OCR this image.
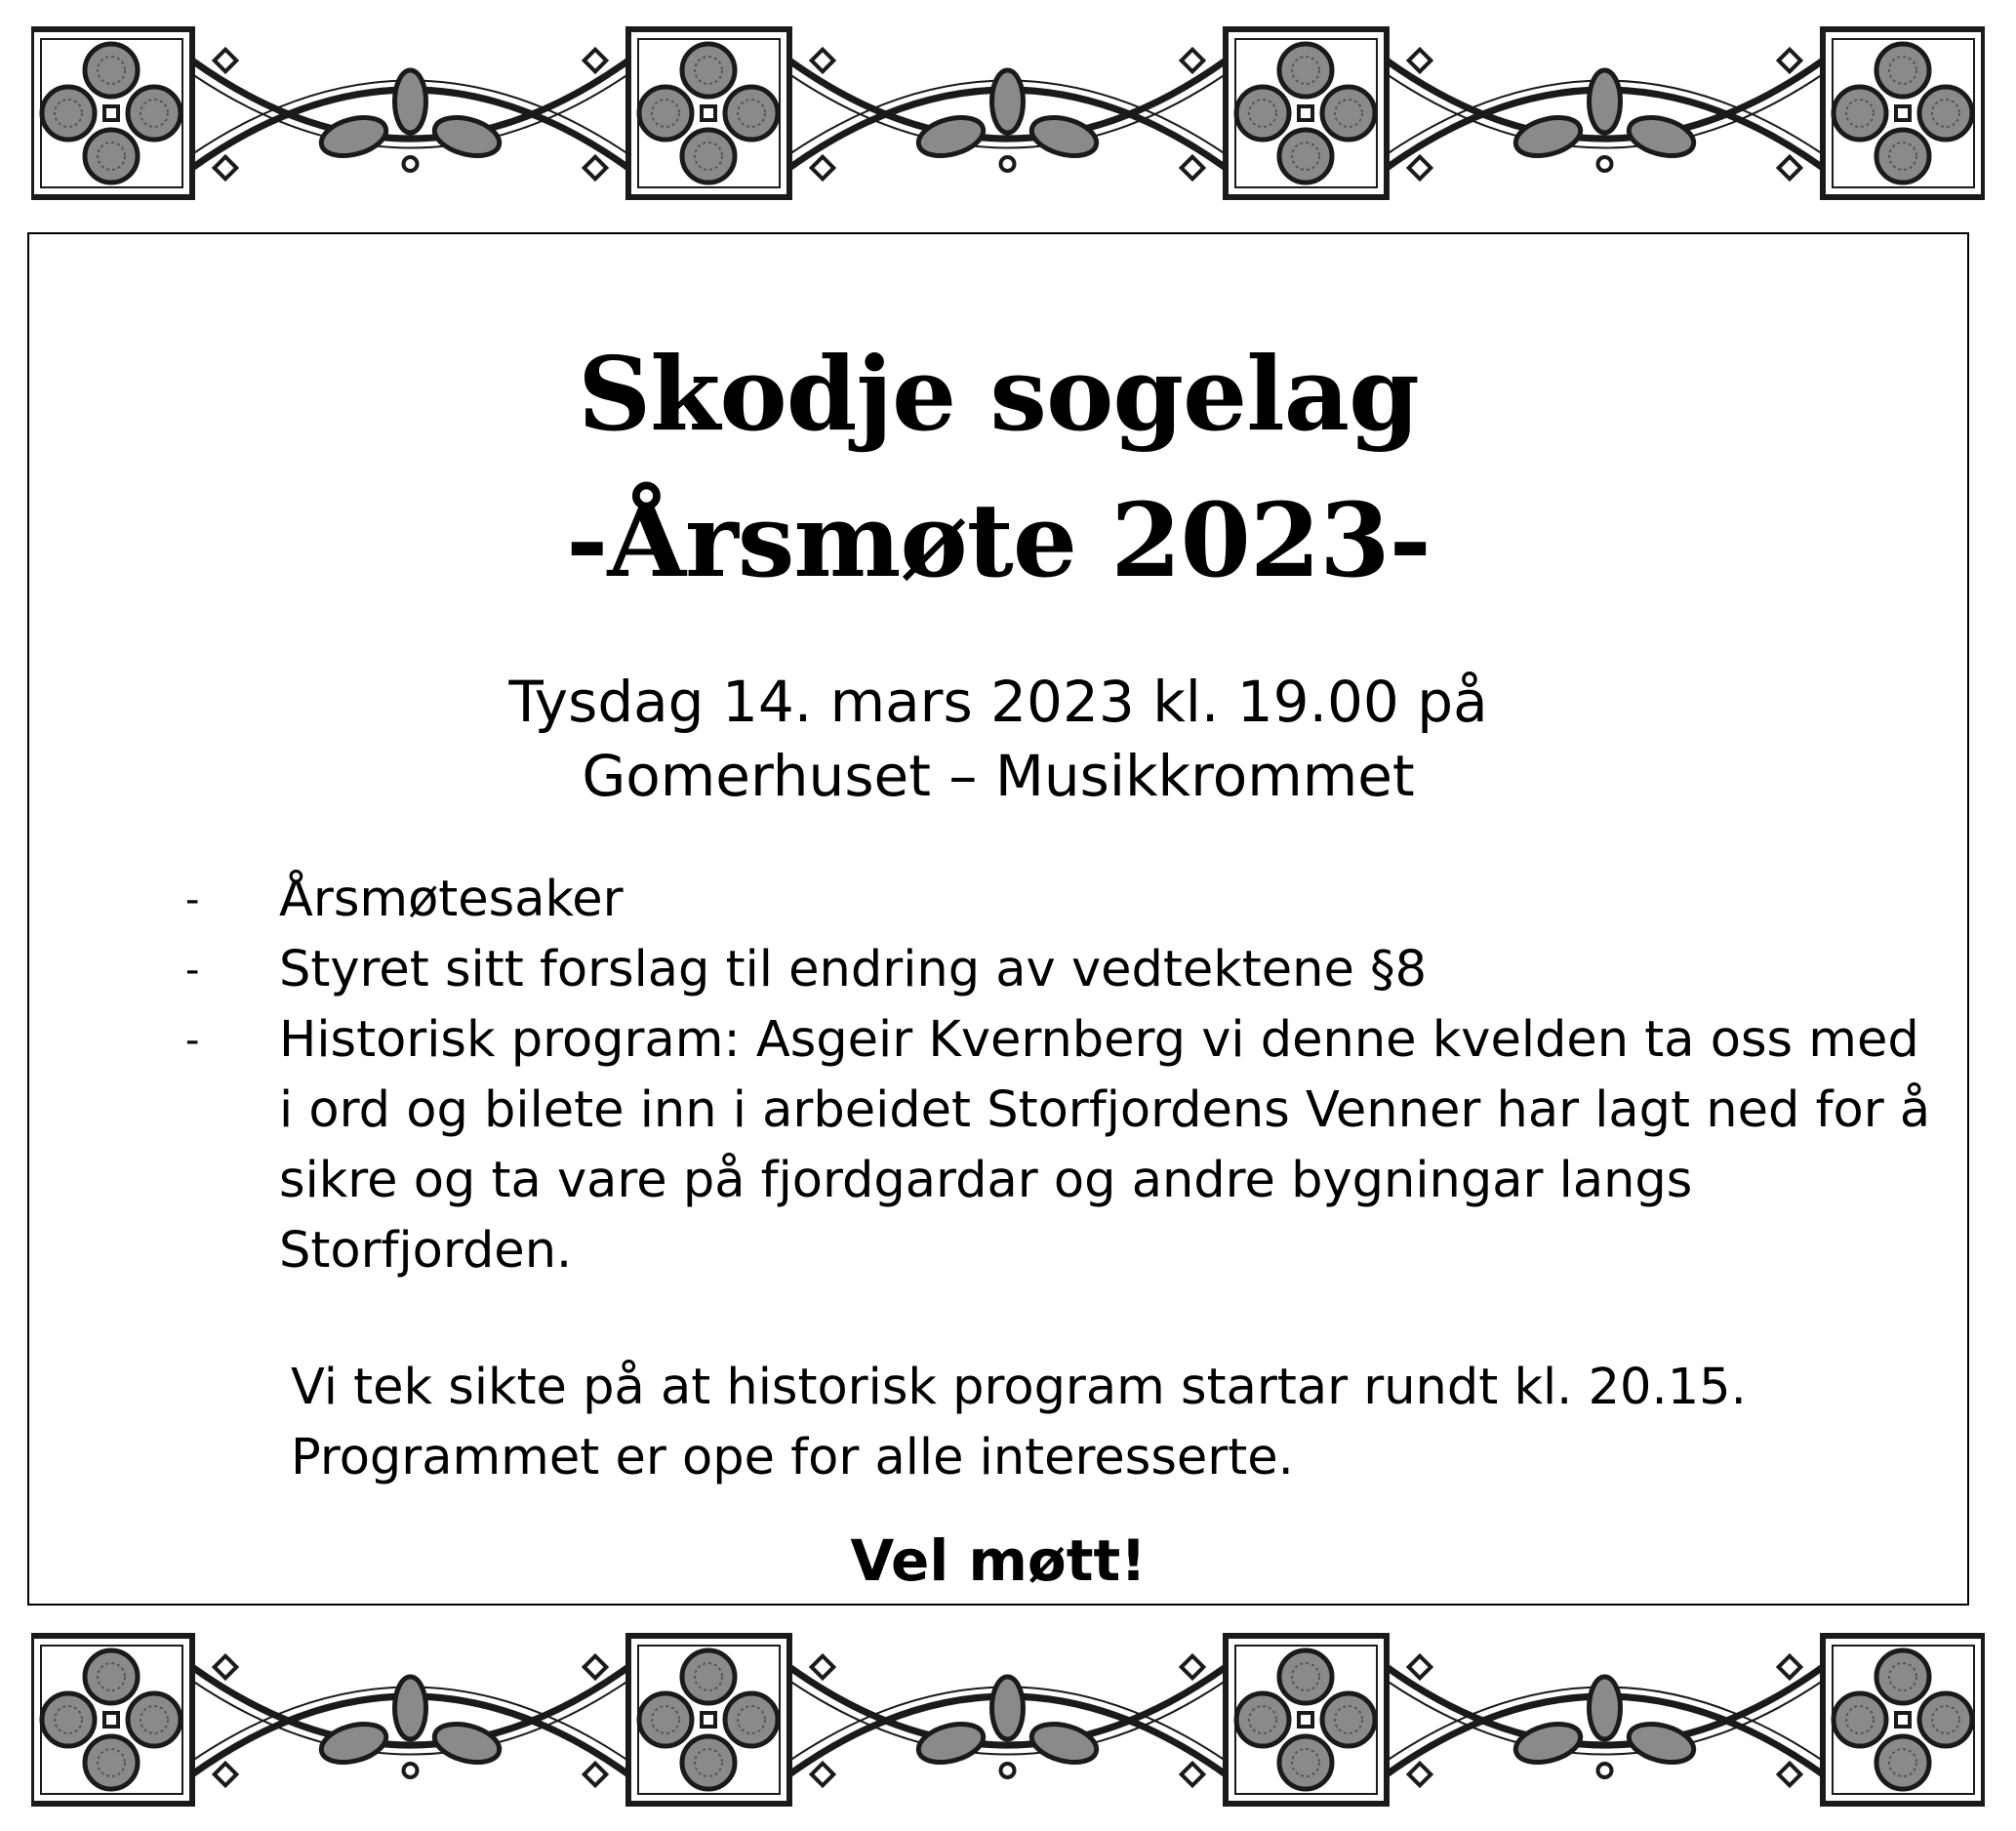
Skodje sogelag
-Årsmøte 2023-
Tysdag 14. mars 2023 kl. 19.00 på
Gomerhuset – Musikkrommet
-	Årsmøtesaker
-	Styret sitt forslag til endring av vedtektene §8
-	Historisk program: Asgeir Kvernberg vi denne kvelden ta oss med i ord og bilete inn i arbeidet Storfjordens Venner har lagt ned for å sikre og ta vare på fjordgardar og andre bygningar langs Storfjorden.
Vi tek sikte på at historisk program startar rundt kl. 20.15.
Programmet er ope for alle interesserte.
Vel møtt!
